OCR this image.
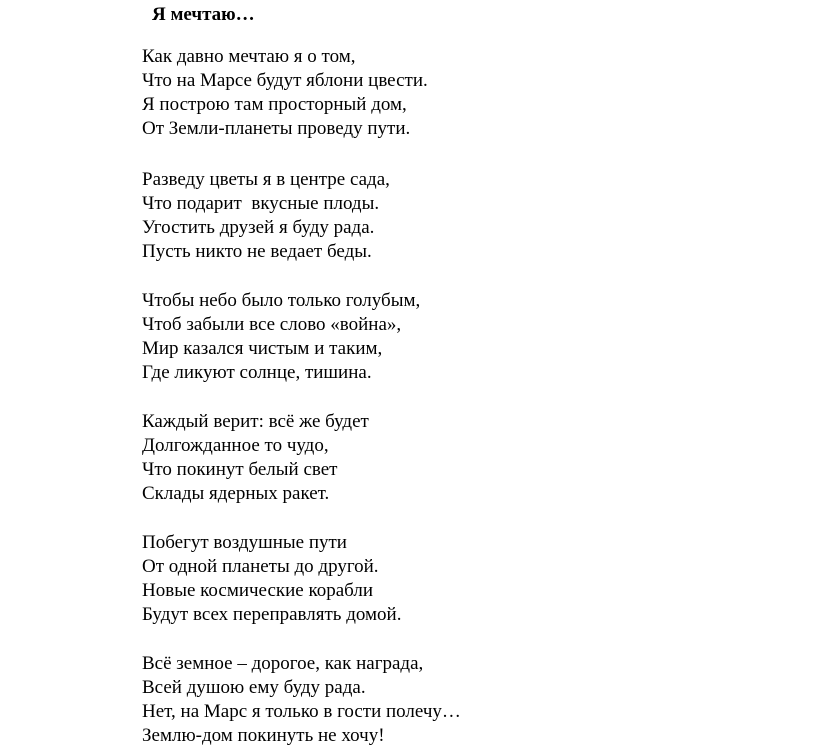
Я мечтаю…
Как давно мечтаю я о том,
Что на Марсе будут яблони цвести.
Я построю там просторный дом,
От Земли-планеты проведу пути.
Разведу цветы я в центре сада,
Что подарит  вкусные плоды.
Угостить друзей я буду рада.
Пусть никто не ведает беды.
Чтобы небо было только голубым,
Чтоб забыли все слово «война»,
Мир казался чистым и таким,
Где ликуют солнце, тишина.
Каждый верит: всё же будет
Долгожданное то чудо,
Что покинут белый свет
Склады ядерных ракет.
Побегут воздушные пути
От одной планеты до другой.
Новые космические корабли
Будут всех переправлять домой.
Всё земное – дорогое, как награда,
Всей душою ему буду рада.
Нет, на Марс я только в гости полечу…
Землю-дом покинуть не хочу!
